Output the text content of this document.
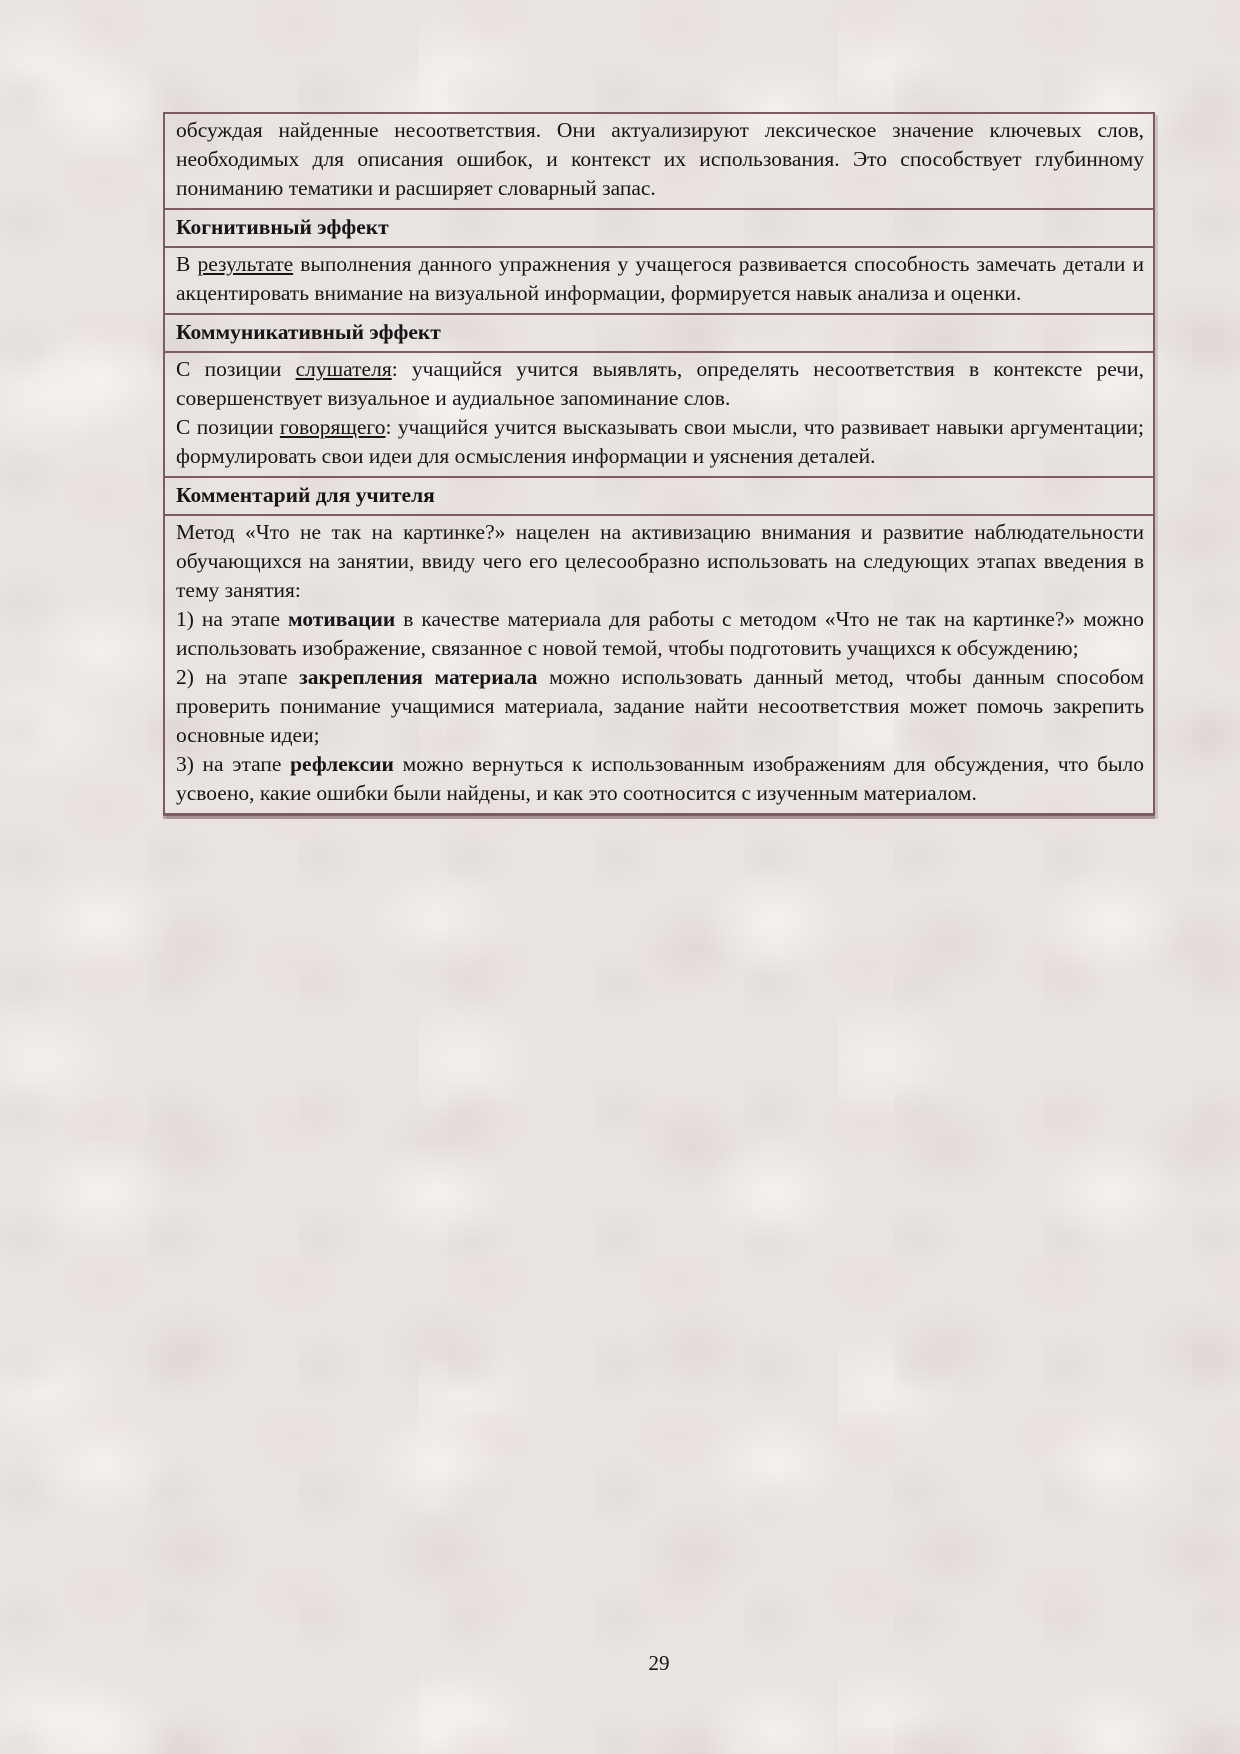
обсуждая найденные несоответствия. Они актуализируют лексическое значение ключевых слов, необходимых для описания ошибок, и контекст их использования. Это способствует глубинному пониманию тематики и расширяет словарный запас.
Когнитивный эффект
В результате выполнения данного упражнения у учащегося развивается способность замечать детали и акцентировать внимание на визуальной информации, формируется навык анализа и оценки.
Коммуникативный эффект
С позиции слушателя: учащийся учится выявлять, определять несоответствия в контексте речи, совершенствует визуальное и аудиальное запоминание слов.
С позиции говорящего: учащийся учится высказывать свои мысли, что развивает навыки аргументации; формулировать свои идеи для осмысления информации и уяснения деталей.
Комментарий для учителя
Метод «Что не так на картинке?» нацелен на активизацию внимания и развитие наблюдательности обучающихся на занятии, ввиду чего его целесообразно использовать на следующих этапах введения в тему занятия:
1) на этапе мотивации в качестве материала для работы с методом «Что не так на картинке?» можно использовать изображение, связанное с новой темой, чтобы подготовить учащихся к обсуждению;
2) на этапе закрепления материала можно использовать данный метод, чтобы данным способом проверить понимание учащимися материала, задание найти несоответствия может помочь закрепить основные идеи;
3) на этапе рефлексии можно вернуться к использованным изображениям для обсуждения, что было усвоено, какие ошибки были найдены, и как это соотносится с изученным материалом.
29
